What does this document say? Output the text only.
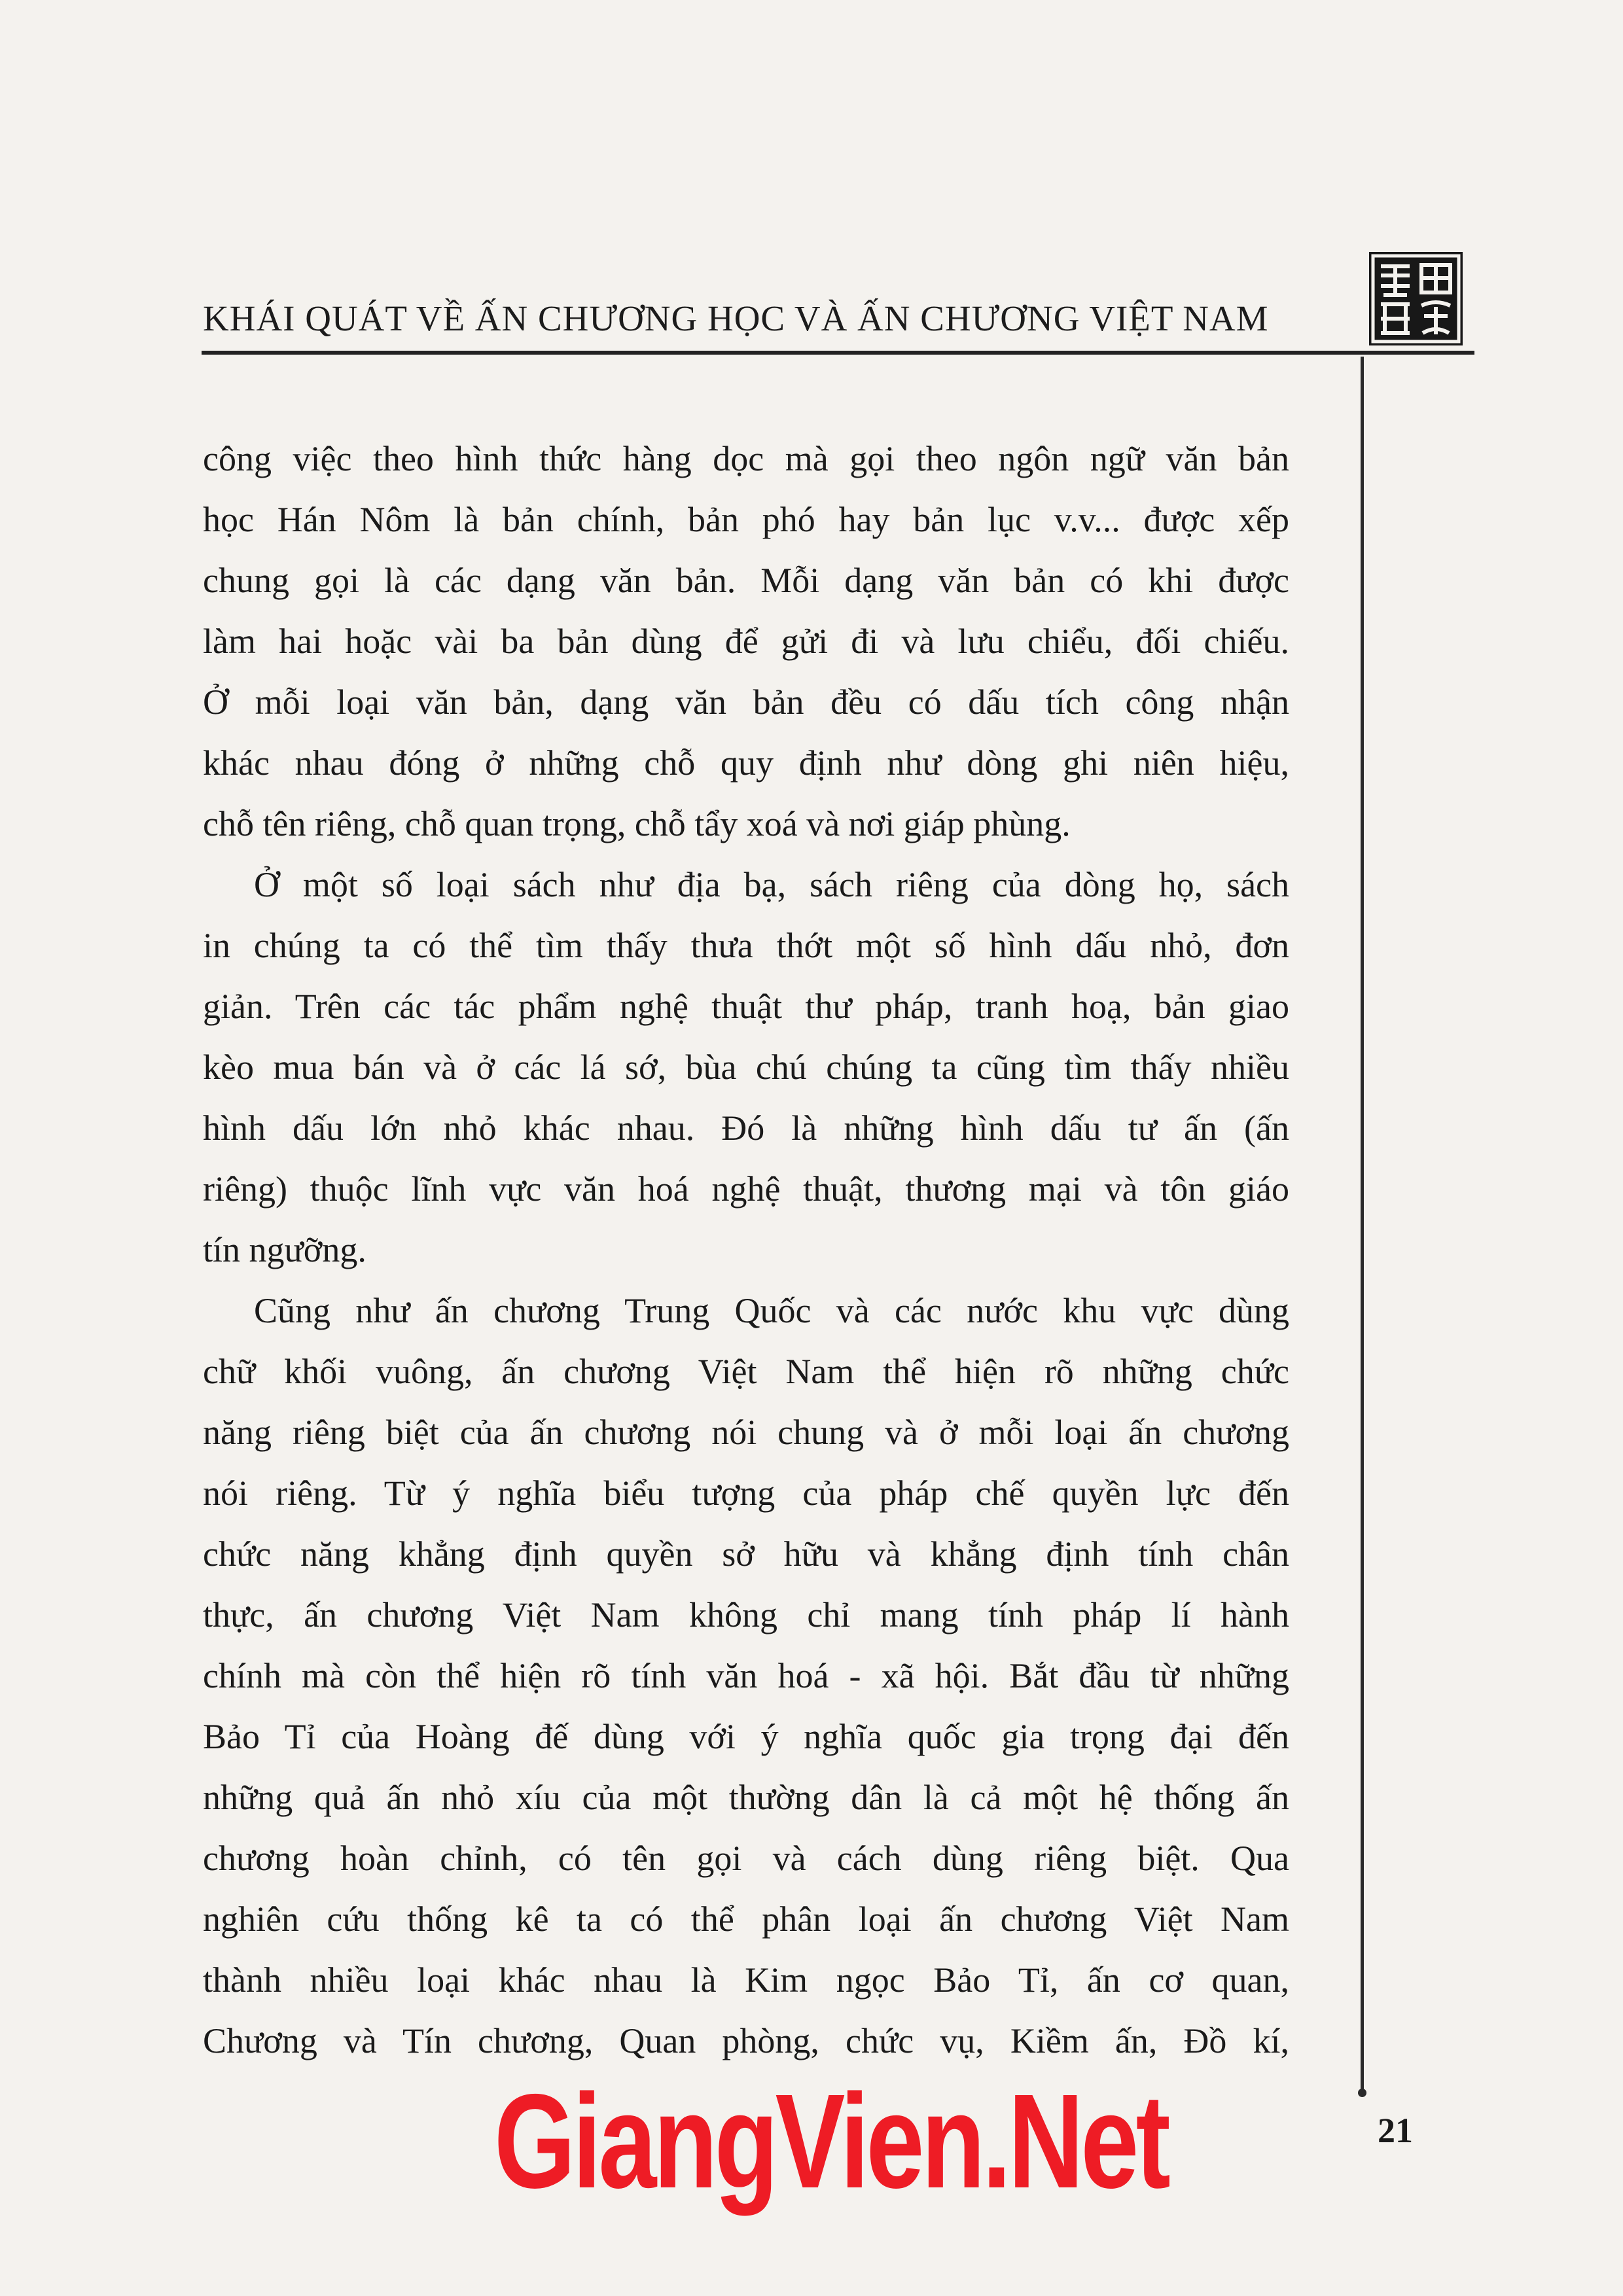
KHÁI QUÁT VỀ ẤN CHƯƠNG HỌC VÀ ẤN CHƯƠNG VIỆT NAM
công việc theo hình thức hàng dọc mà gọi theo ngôn ngữ văn bản
học Hán Nôm là bản chính, bản phó hay bản lục v.v... được xếp
chung gọi là các dạng văn bản. Mỗi dạng văn bản có khi được
làm hai hoặc vài ba bản dùng để gửi đi và lưu chiểu, đối chiếu.
Ở mỗi loại văn bản, dạng văn bản đều có dấu tích công nhận
khác nhau đóng ở những chỗ quy định như dòng ghi niên hiệu,
chỗ tên riêng, chỗ quan trọng, chỗ tẩy xoá và nơi giáp phùng.
Ở một số loại sách như địa bạ, sách riêng của dòng họ, sách
in chúng ta có thể tìm thấy thưa thớt một số hình dấu nhỏ, đơn
giản. Trên các tác phẩm nghệ thuật thư pháp, tranh hoạ, bản giao
kèo mua bán và ở các lá sớ, bùa chú chúng ta cũng tìm thấy nhiều
hình dấu lớn nhỏ khác nhau. Đó là những hình dấu tư ấn (ấn
riêng) thuộc lĩnh vực văn hoá nghệ thuật, thương mại và tôn giáo
tín ngưỡng.
Cũng như ấn chương Trung Quốc và các nước khu vực dùng
chữ khối vuông, ấn chương Việt Nam thể hiện rõ những chức
năng riêng biệt của ấn chương nói chung và ở mỗi loại ấn chương
nói riêng. Từ ý nghĩa biểu tượng của pháp chế quyền lực đến
chức năng khẳng định quyền sở hữu và khẳng định tính chân
thực, ấn chương Việt Nam không chỉ mang tính pháp lí hành
chính mà còn thể hiện rõ tính văn hoá - xã hội. Bắt đầu từ những
Bảo Tỉ của Hoàng đế dùng với ý nghĩa quốc gia trọng đại đến
những quả ấn nhỏ xíu của một thường dân là cả một hệ thống ấn
chương hoàn chỉnh, có tên gọi và cách dùng riêng biệt. Qua
nghiên cứu thống kê ta có thể phân loại ấn chương Việt Nam
thành nhiều loại khác nhau là Kim ngọc Bảo Tỉ, ấn cơ quan,
Chương và Tín chương, Quan phòng, chức vụ, Kiềm ấn, Đồ kí,
21
GiangVien.Net
